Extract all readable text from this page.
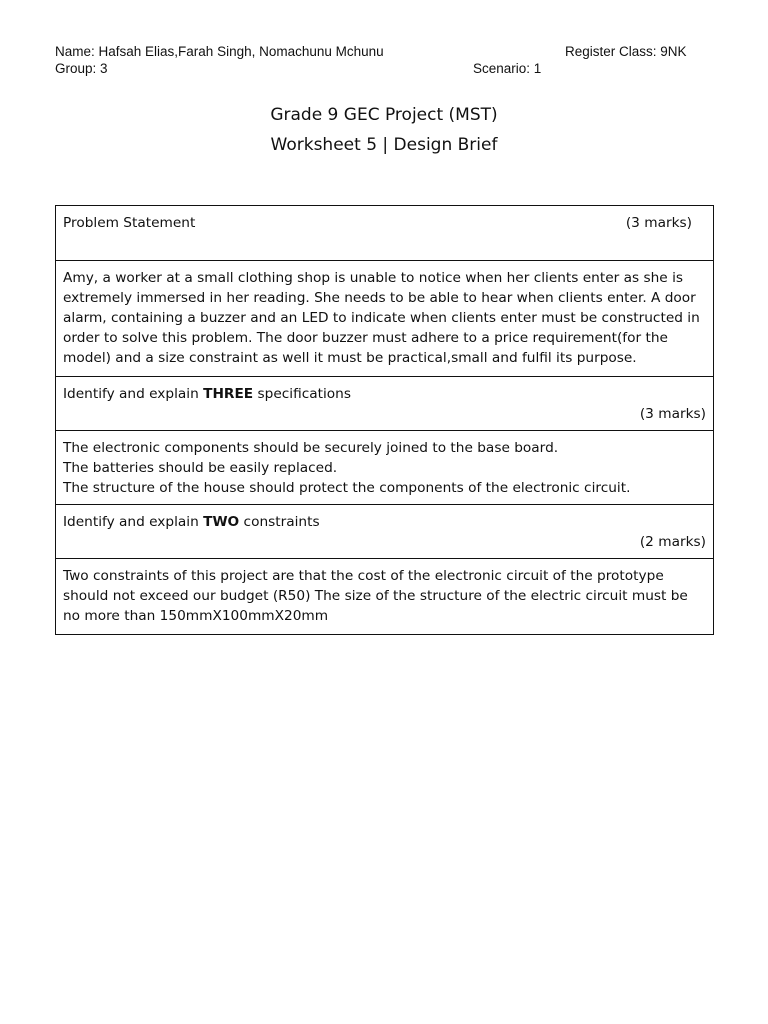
Name: Hafsah Elias,Farah Singh, Nomachunu Mchunu	Register Class: 9NK
Group: 3	Scenario: 1
Grade 9 GEC Project (MST)
Worksheet 5 | Design Brief
Problem Statement	(3 marks)
Amy, a worker at a small clothing shop is unable to notice when her clients enter as she is extremely immersed in her reading. She needs to be able to hear when clients enter. A door alarm, containing a buzzer and an LED to indicate when clients enter must be constructed in order to solve this problem. The door buzzer must adhere to a price requirement(for the model) and a size constraint as well it must be practical,small and fulfil its purpose.
Identify and explain THREE specifications
(3 marks)
The electronic components should be securely joined to the base board.
The batteries should be easily replaced.
The structure of the house should protect the components of the electronic circuit.
Identify and explain TWO constraints
(2 marks)
Two constraints of this project are that the cost of the electronic circuit of the prototype should not exceed our budget (R50) The size of the structure of the electric circuit must be no more than 150mmX100mmX20mm
